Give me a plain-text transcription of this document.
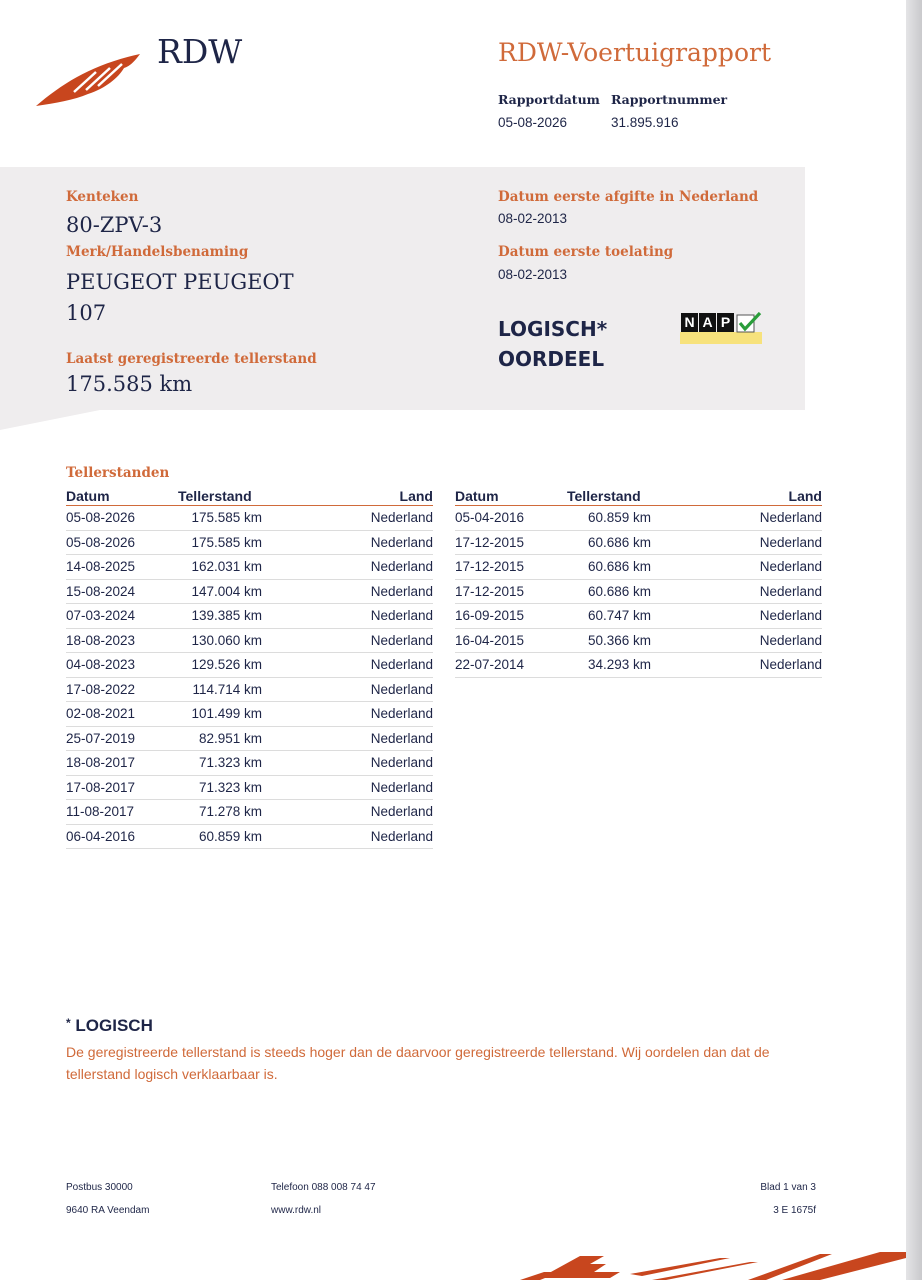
RDW	RDW-Voertuigrapport
Rapportdatum
05-08-2026
Rapportnummer
31.895.916
Kenteken
80-ZPV-3
Merk/Handelsbenaming
PEUGEOT PEUGEOT
107
Laatst geregistreerde tellerstand
175.585 km
Datum eerste afgifte in Nederland
08-02-2013
Datum eerste toelating
08-02-2013
LOGISCH*
OORDEEL
N A P
Tellerstanden
Datum	Tellerstand	Land
05-08-2026	175.585 km	Nederland
05-08-2026	175.585 km	Nederland
14-08-2025	162.031 km	Nederland
15-08-2024	147.004 km	Nederland
07-03-2024	139.385 km	Nederland
18-08-2023	130.060 km	Nederland
04-08-2023	129.526 km	Nederland
17-08-2022	114.714 km	Nederland
02-08-2021	101.499 km	Nederland
25-07-2019	82.951 km	Nederland
18-08-2017	71.323 km	Nederland
17-08-2017	71.323 km	Nederland
11-08-2017	71.278 km	Nederland
06-04-2016	60.859 km	Nederland
Datum	Tellerstand	Land
05-04-2016	60.859 km	Nederland
17-12-2015	60.686 km	Nederland
17-12-2015	60.686 km	Nederland
17-12-2015	60.686 km	Nederland
16-09-2015	60.747 km	Nederland
16-04-2015	50.366 km	Nederland
22-07-2014	34.293 km	Nederland
* LOGISCH
De geregistreerde tellerstand is steeds hoger dan de daarvoor geregistreerde tellerstand. Wij oordelen dan dat de tellerstand logisch verklaarbaar is.
Postbus 30000
9640 RA Veendam
Telefoon 088 008 74 47
www.rdw.nl
Blad 1 van 3
3 E 1675f
